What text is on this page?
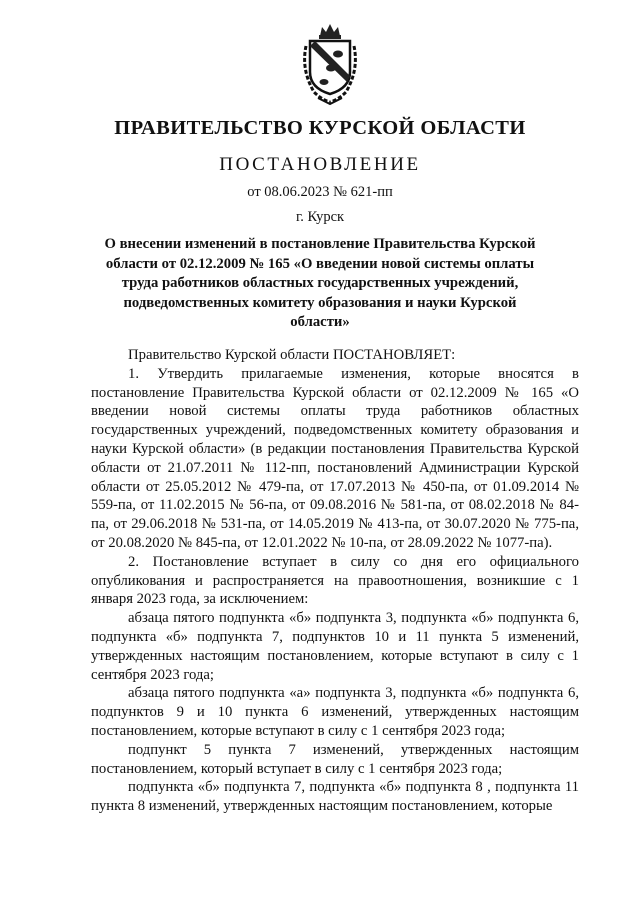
ПРАВИТЕЛЬСТВО КУРСКОЙ ОБЛАСТИ
ПОСТАНОВЛЕНИЕ
от 08.06.2023 № 621-пп
г. Курск
О внесении изменений в постановление Правительства Курской области от 02.12.2009 № 165 «О введении новой системы оплаты труда работников областных государственных учреждений, подведомственных комитету образования и науки Курской области»

Правительство Курской области ПОСТАНОВЛЯЕТ:

1. Утвердить прилагаемые изменения, которые вносятся в постановление Правительства Курской области от 02.12.2009 № 165 «О введении новой системы оплаты труда работников областных государственных учреждений, подведомственных комитету образования и науки Курской области» (в редакции постановления Правительства Курской области от 21.07.2011 № 112-пп, постановлений Администрации Курской области от 25.05.2012 № 479-па, от 17.07.2013 № 450-па, от 01.09.2014 № 559-па, от 11.02.2015 № 56-па, от 09.08.2016 № 581-па, от 08.02.2018 № 84-па, от 29.06.2018 № 531-па, от 14.05.2019 № 413-па, от 30.07.2020 № 775-па, от 20.08.2020 № 845-па, от 12.01.2022 № 10-па, от 28.09.2022 № 1077-па).

2. Постановление вступает в силу со дня его официального опубликования и распространяется на правоотношения, возникшие с 1 января 2023 года, за исключением:

абзаца пятого подпункта «б» подпункта 3, подпункта «б» подпункта 6, подпункта «б» подпункта 7, подпунктов 10 и 11 пункта 5 изменений, утвержденных настоящим постановлением, которые вступают в силу с 1 сентября 2023 года;

абзаца пятого подпункта «а» подпункта 3, подпункта «б» подпункта 6, подпунктов 9 и 10 пункта 6 изменений, утвержденных настоящим постановлением, которые вступают в силу с 1 сентября 2023 года;

подпункт 5 пункта 7 изменений, утвержденных настоящим постановлением, который вступает в силу с 1 сентября 2023 года;

подпункта «б» подпункта 7, подпункта «б» подпункта 8 , подпункта 11 пункта 8 изменений, утвержденных настоящим постановлением, которые
